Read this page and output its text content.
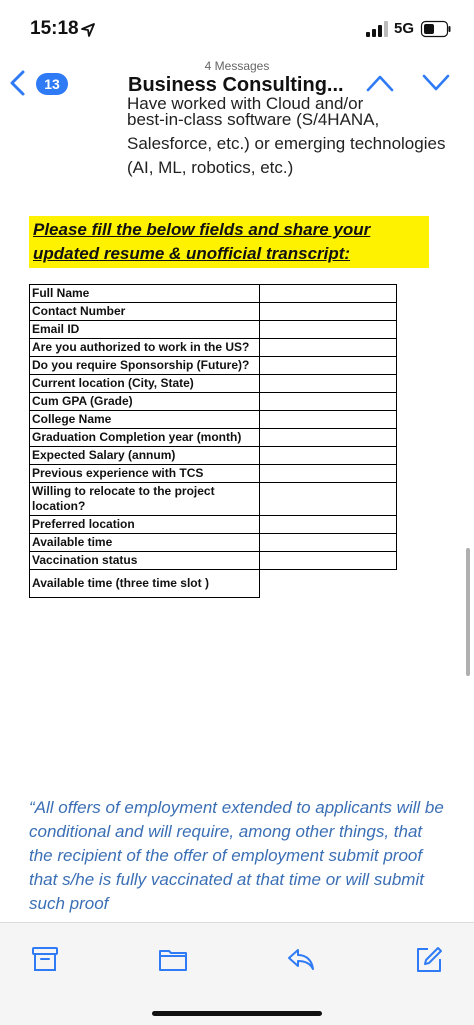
15:18	5G
4 Messages
13	Business Consulting...
Have worked with Cloud and/or
best-in-class software (S/4HANA, Salesforce, etc.) or emerging technologies (AI, ML, robotics, etc.)
Please fill the below fields and share your updated resume & unofficial transcript:
Full Name	
Contact Number	
Email ID	
Are you authorized to work in the US?	
Do you require Sponsorship (Future)?	
Current location (City, State)	
Cum GPA (Grade)	
College Name	
Graduation Completion year (month)	
Expected Salary (annum)	
Previous experience with TCS	
Willing to relocate to the project location?	
Preferred location	
Available time	
Vaccination status	
Available time (three time slot )	
“All offers of employment extended to applicants will be conditional and will require, among other things, that the recipient of the offer of employment submit proof that s/he is fully vaccinated at that time or will submit such proof
